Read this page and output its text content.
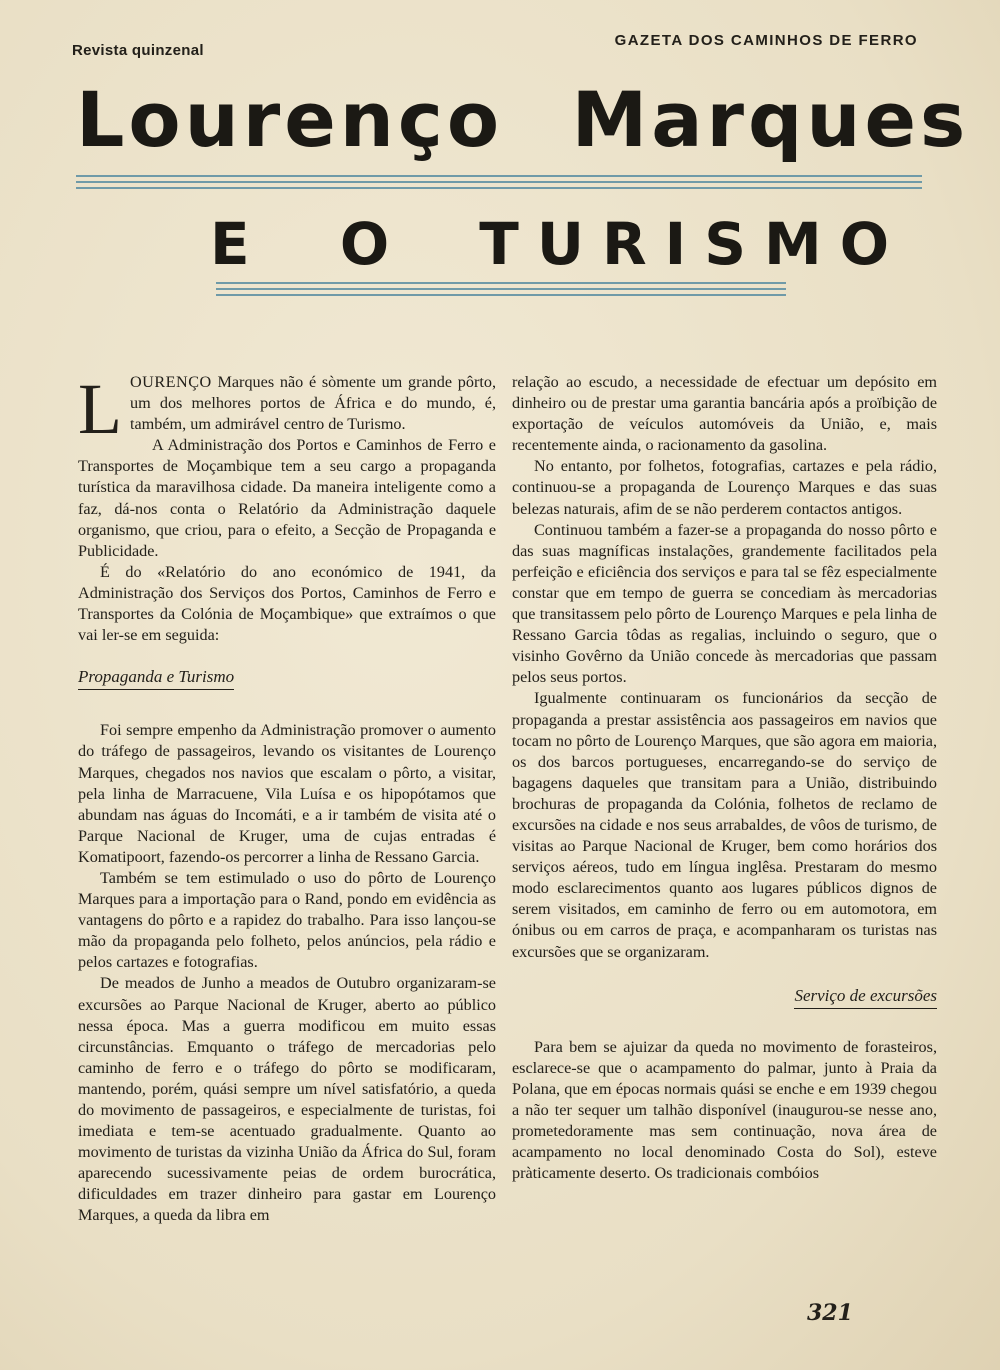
Revista quinzenal
GAZETA DOS CAMINHOS DE FERRO
Lourenço Marques
E O TURISMO

LOURENÇO Marques não é sòmente um grande pôrto, um dos melhores portos de África e do mundo, é, também, um admirável centro de Turismo.

A Administração dos Portos e Caminhos de Ferro e Transportes de Moçambique tem a seu cargo a propaganda turística da maravilhosa cidade. Da maneira inteligente como a faz, dá-nos conta o Relatório da Administração daquele organismo, que criou, para o efeito, a Secção de Propaganda e Publicidade.

É do «Relatório do ano económico de 1941, da Administração dos Serviços dos Portos, Caminhos de Ferro e Transportes da Colónia de Moçambique» que extraímos o que vai ler-se em seguida:

Propaganda e Turismo

Foi sempre empenho da Administração promover o aumento do tráfego de passageiros, levando os visitantes de Lourenço Marques, chegados nos navios que escalam o pôrto, a visitar, pela linha de Marracuene, Vila Luísa e os hipopótamos que abundam nas águas do Incomáti, e a ir também de visita até o Parque Nacional de Kruger, uma de cujas entradas é Komatipoort, fazendo-os percorrer a linha de Ressano Garcia.

Também se tem estimulado o uso do pôrto de Lourenço Marques para a importação para o Rand, pondo em evidência as vantagens do pôrto e a rapidez do trabalho. Para isso lançou-se mão da propaganda pelo folheto, pelos anúncios, pela rádio e pelos cartazes e fotografias.

De meados de Junho a meados de Outubro organizaram-se excursões ao Parque Nacional de Kruger, aberto ao público nessa época. Mas a guerra modificou em muito essas circunstâncias. Emquanto o tráfego de mercadorias pelo caminho de ferro e o tráfego do pôrto se modificaram, mantendo, porém, quási sempre um nível satisfatório, a queda do movimento de passageiros, e especialmente de turistas, foi imediata e tem-se acentuado gradualmente. Quanto ao movimento de turistas da vizinha União da África do Sul, foram aparecendo sucessivamente peias de ordem burocrática, dificuldades em trazer dinheiro para gastar em Lourenço Marques, a queda da libra em

relação ao escudo, a necessidade de efectuar um depósito em dinheiro ou de prestar uma garantia bancária após a proïbição de exportação de veículos automóveis da União, e, mais recentemente ainda, o racionamento da gasolina.

No entanto, por folhetos, fotografias, cartazes e pela rádio, continuou-se a propaganda de Lourenço Marques e das suas belezas naturais, afim de se não perderem contactos antigos.

Continuou também a fazer-se a propaganda do nosso pôrto e das suas magníficas instalações, grandemente facilitados pela perfeição e eficiência dos serviços e para tal se fêz especialmente constar que em tempo de guerra se concediam às mercadorias que transitassem pelo pôrto de Lourenço Marques e pela linha de Ressano Garcia tôdas as regalias, incluindo o seguro, que o visinho Govêrno da União concede às mercadorias que passam pelos seus portos.

Igualmente continuaram os funcionários da secção de propaganda a prestar assistência aos passageiros em navios que tocam no pôrto de Lourenço Marques, que são agora em maioria, os dos barcos portugueses, encarregando-se do serviço de bagagens daqueles que transitam para a União, distribuindo brochuras de propaganda da Colónia, folhetos de reclamo de excursões na cidade e nos seus arrabaldes, de vôos de turismo, de visitas ao Parque Nacional de Kruger, bem como horários dos serviços aéreos, tudo em língua inglêsa. Prestaram do mesmo modo esclarecimentos quanto aos lugares públicos dignos de serem visitados, em caminho de ferro ou em automotora, em ónibus ou em carros de praça, e acompanharam os turistas nas excursões que se organizaram.

Serviço de excursões

Para bem se ajuizar da queda no movimento de forasteiros, esclarece-se que o acampamento do palmar, junto à Praia da Polana, que em épocas normais quási se enche e em 1939 chegou a não ter sequer um talhão disponível (inaugurou-se nesse ano, prometedoramente mas sem continuação, nova área de acampamento no local denominado Costa do Sol), esteve pràticamente deserto. Os tradicionais combóios

321
